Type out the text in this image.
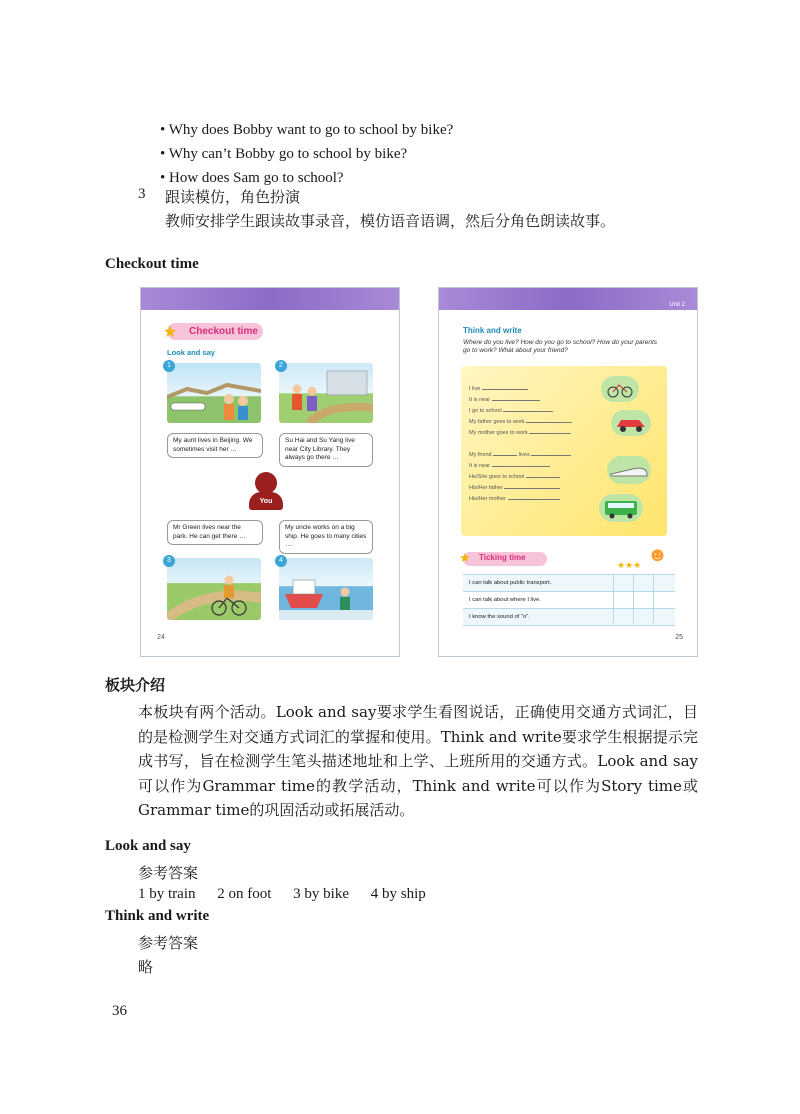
• Why does Bobby want to go to school by bike?
• Why can’t Bobby go to school by bike?
• How does Sam go to school?
3 跟读模仿，角色扮演
教师安排学生跟读故事录音，模仿语音语调，然后分角色朗读故事。
Checkout time
★ Checkout time
Look and say
1	2
My aunt lives in Beijing. We sometimes visit her …
Su Hai and Su Yang live near City Library. They always go there …
You
Mr Green lives near the park. He can get there …
My uncle works on a big ship. He goes to many cities …
3	4
24
Unit 2
Think and write
Where do you live? How do you go to school? How do your parents go to work? What about your friend?
I live
It is near
I go to school
My father goes to work
My mother goes to work
My friend	lives
It is near
He/She goes to school
His/Her father
His/Her mother
★ Ticking time	☻
★★★
I can talk about public transport.
I can talk about where I live.
I know the sound of "o".
25
板块介绍
本板块有两个活动。Look and say要求学生看图说话，正确使用交通方式词汇，目的是检测学生对交通方式词汇的掌握和使用。Think and write要求学生根据提示完成书写，旨在检测学生笔头描述地址和上学、上班所用的交通方式。Look and say可以作为Grammar time的教学活动，Think and write可以作为Story time或 Grammar time的巩固活动或拓展活动。
Look and say
参考答案
1 by train 2 on foot 3 by bike 4 by ship
Think and write
参考答案
略
36
